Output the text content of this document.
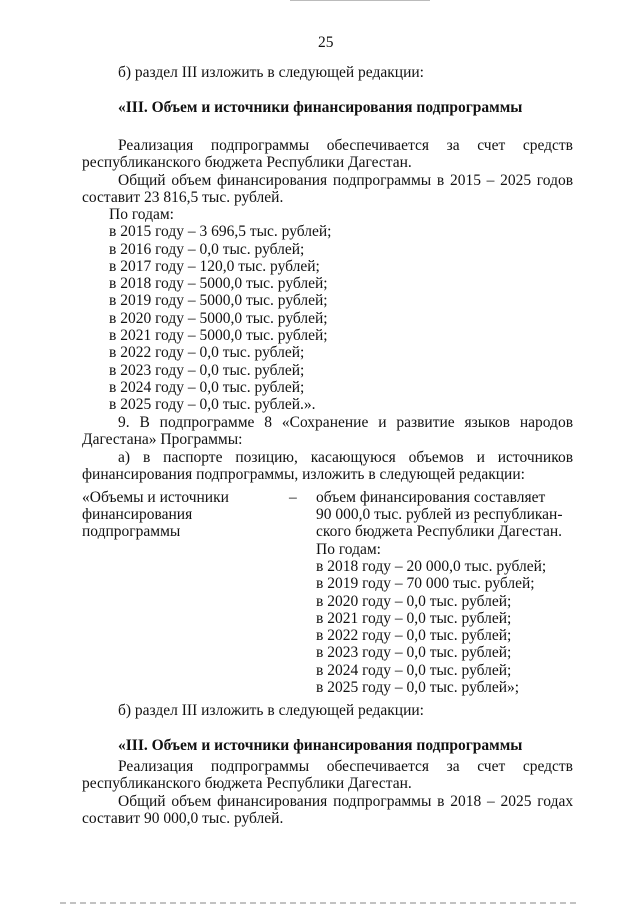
25
б) раздел III изложить в следующей редакции:
«III. Объем и источники финансирования подпрограммы
Реализация подпрограммы обеспечивается за счет средств
республиканского бюджета Республики Дагестан.
Общий объем финансирования подпрограммы в 2015 – 2025 годов
составит 23 816,5 тыс. рублей.
По годам:
в 2015 году – 3 696,5 тыс. рублей;
в 2016 году – 0,0 тыс. рублей;
в 2017 году – 120,0 тыс. рублей;
в 2018 году – 5000,0 тыс. рублей;
в 2019 году – 5000,0 тыс. рублей;
в 2020 году – 5000,0 тыс. рублей;
в 2021 году – 5000,0 тыс. рублей;
в 2022 году – 0,0 тыс. рублей;
в 2023 году – 0,0 тыс. рублей;
в 2024 году – 0,0 тыс. рублей;
в 2025 году – 0,0 тыс. рублей.».
9. В подпрограмме 8 «Сохранение и развитие языков народов
Дагестана» Программы:
а) в паспорте позицию, касающуюся объемов и источников
финансирования подпрограммы, изложить в следующей редакции:
«Объемы и источники
финансирования
подпрограммы
– объем финансирования составляет
90 000,0 тыс. рублей из республикан-
ского бюджета Республики Дагестан.
По годам:
в 2018 году – 20 000,0 тыс. рублей;
в 2019 году – 70 000 тыс. рублей;
в 2020 году – 0,0 тыс. рублей;
в 2021 году – 0,0 тыс. рублей;
в 2022 году – 0,0 тыс. рублей;
в 2023 году – 0,0 тыс. рублей;
в 2024 году – 0,0 тыс. рублей;
в 2025 году – 0,0 тыс. рублей»;
б) раздел III изложить в следующей редакции:
«III. Объем и источники финансирования подпрограммы
Реализация подпрограммы обеспечивается за счет средств
республиканского бюджета Республики Дагестан.
Общий объем финансирования подпрограммы в 2018 – 2025 годах
составит 90 000,0 тыс. рублей.
